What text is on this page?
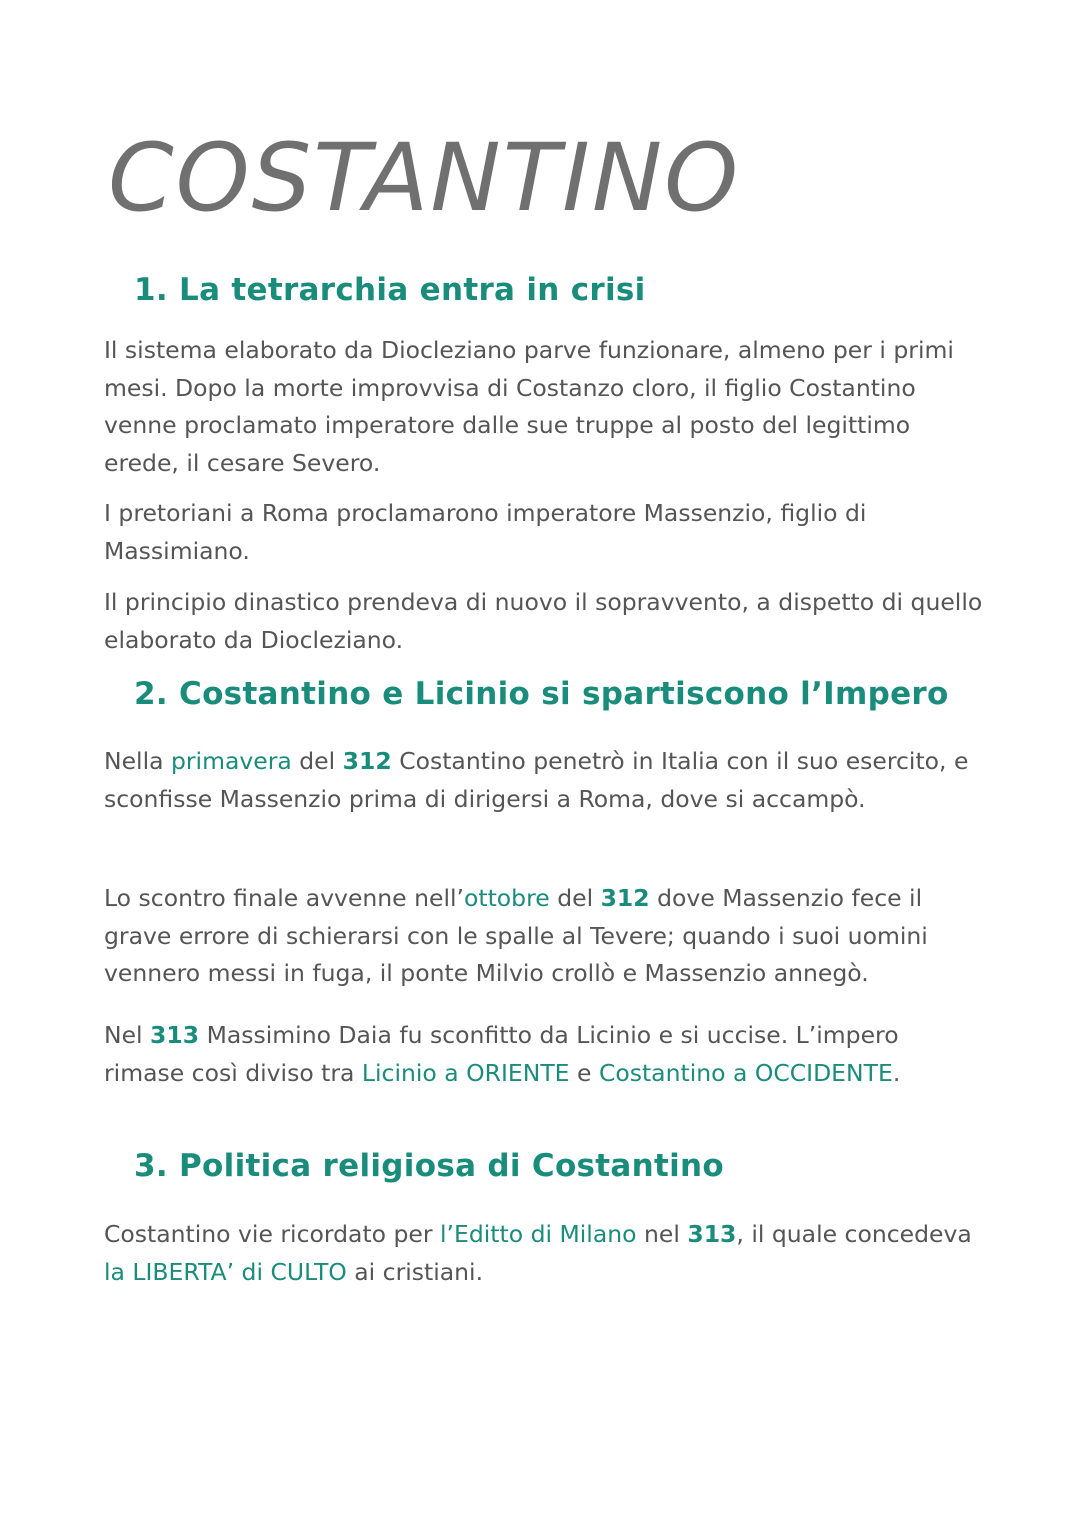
COSTANTINO
1. La tetrarchia entra in crisi

Il sistema elaborato da Diocleziano parve funzionare, almeno per i primi mesi. Dopo la morte improvvisa di Costanzo cloro, il figlio Costantino venne proclamato imperatore dalle sue truppe al posto del legittimo erede, il cesare Severo.

I pretoriani a Roma proclamarono imperatore Massenzio, figlio di Massimiano.

Il principio dinastico prendeva di nuovo il sopravvento, a dispetto di quello elaborato da Diocleziano.

2. Costantino e Licinio si spartiscono l’Impero

Nella primavera del 312 Costantino penetrò in Italia con il suo esercito, e sconfisse Massenzio prima di dirigersi a Roma, dove si accampò.

Lo scontro finale avvenne nell’ottobre del 312 dove Massenzio fece il grave errore di schierarsi con le spalle al Tevere; quando i suoi uomini vennero messi in fuga, il ponte Milvio crollò e Massenzio annegò.

Nel 313 Massimino Daia fu sconfitto da Licinio e si uccise. L’impero rimase così diviso tra Licinio a ORIENTE e Costantino a OCCIDENTE.

3. Politica religiosa di Costantino

Costantino vie ricordato per l’Editto di Milano nel 313, il quale concedeva la LIBERTA’ di CULTO ai cristiani.
